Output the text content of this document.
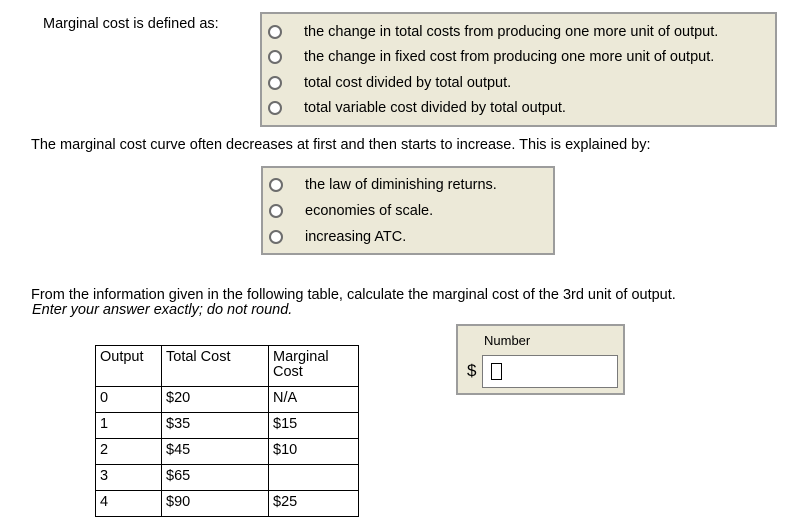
Marginal cost is defined as:	the change in total costs from producing one more unit of output.
the change in fixed cost from producing one more unit of output.
total cost divided by total output.
total variable cost divided by total output.
The marginal cost curve often decreases at first and then starts to increase. This is explained by:
the law of diminishing returns.
economies of scale.
increasing ATC.
From the information given in the following table, calculate the marginal cost of the 3rd unit of output.
Enter your answer exactly; do not round.
Output	Total Cost	Marginal
Cost
0	$20	N/A
1	$35	$15
2	$45	$10
3	$65	
4	$90	$25
Number
$
